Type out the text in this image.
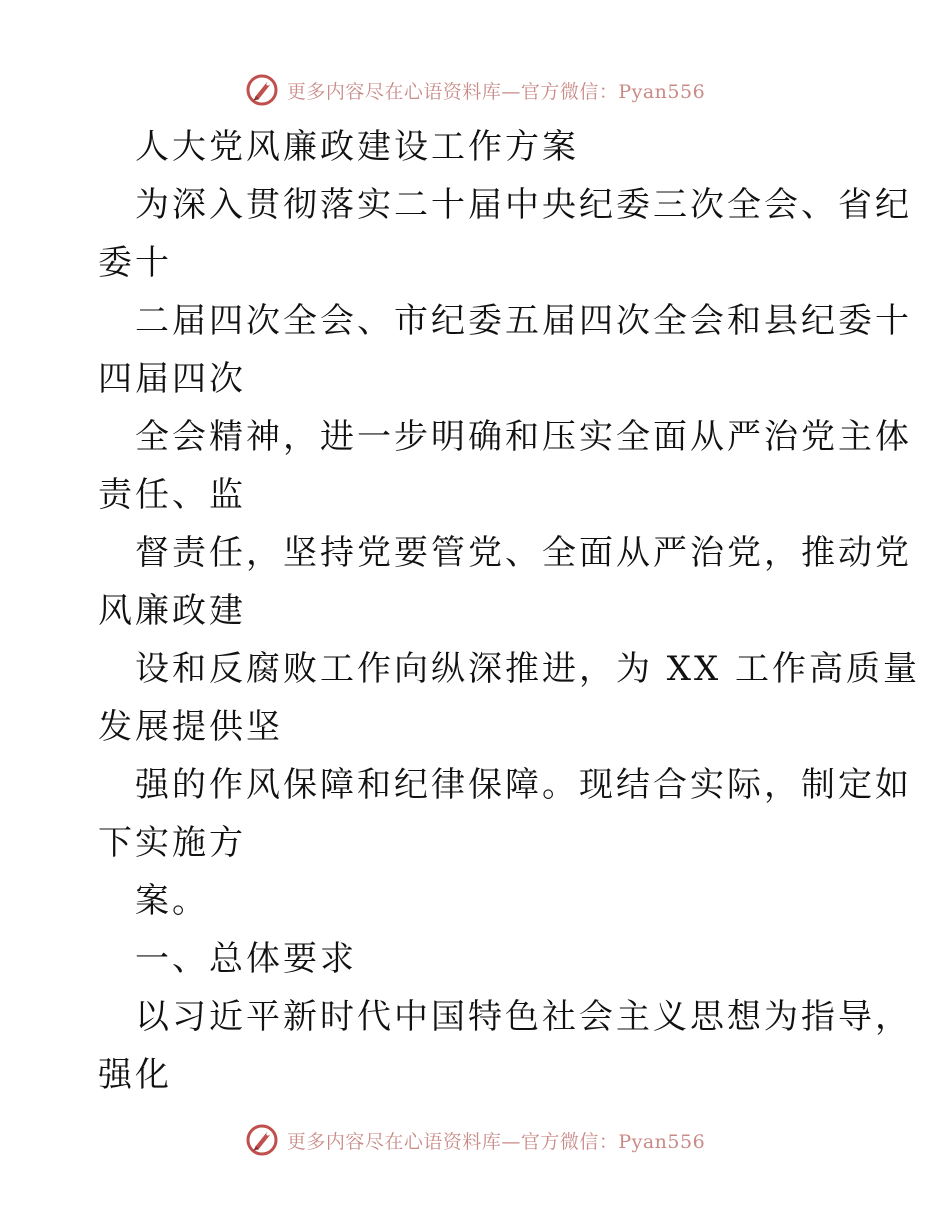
更多内容尽在心语资料库—官方微信：Pyan556
人大党风廉政建设工作方案
为深入贯彻落实二十届中央纪委三次全会、省纪
委十
二届四次全会、市纪委五届四次全会和县纪委十
四届四次
全会精神，进一步明确和压实全面从严治党主体
责任、监
督责任，坚持党要管党、全面从严治党，推动党
风廉政建
设和反腐败工作向纵深推进，为 XX 工作高质量
发展提供坚
强的作风保障和纪律保障。现结合实际，制定如
下实施方
案。
一、总体要求
以习近平新时代中国特色社会主义思想为指导，
强化
更多内容尽在心语资料库—官方微信：Pyan556
